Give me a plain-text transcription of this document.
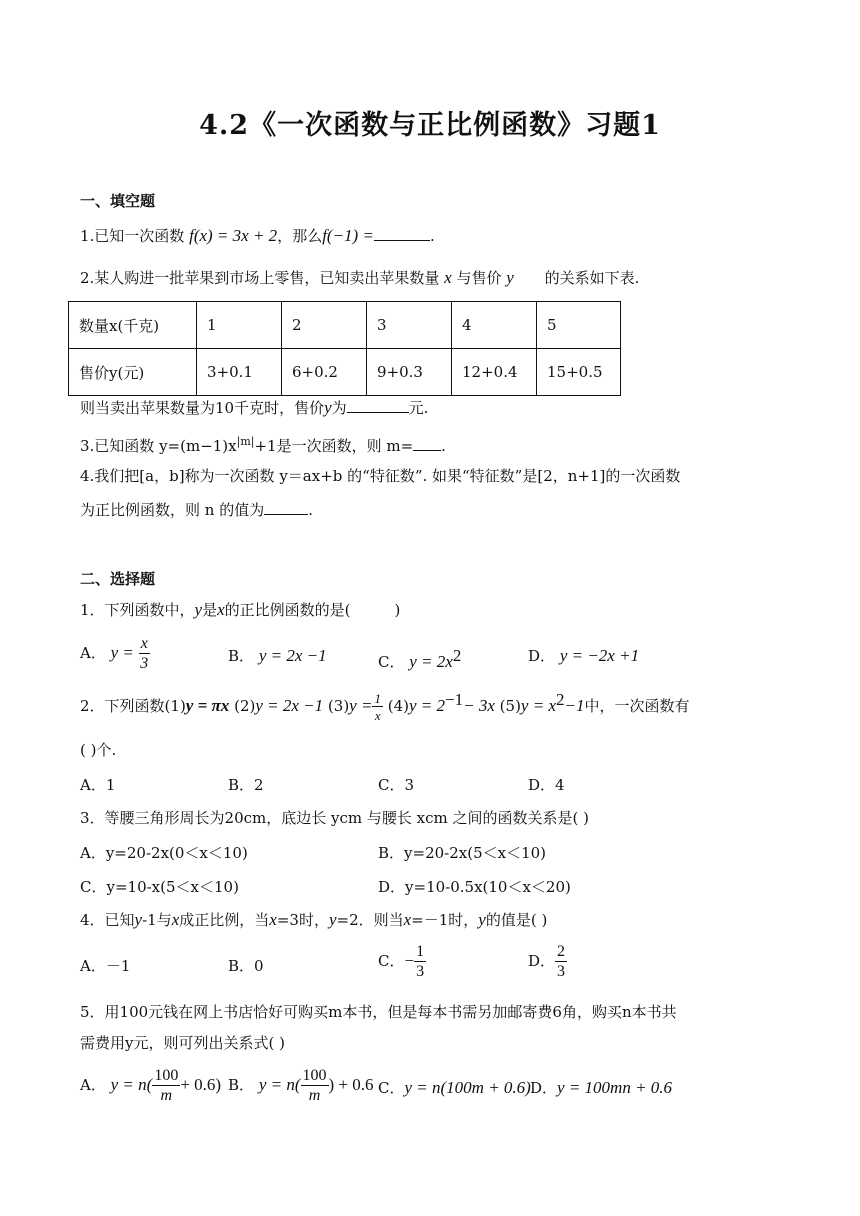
4.2《一次函数与正比例函数》习题1
一、填空题
1.已知一次函数 f(x) = 3x + 2，那么f(−1) =	.
2.某人购进一批苹果到市场上零售，已知卖出苹果数量 x 与售价 y 的关系如下表.
数量x(千克)	1	2	3	4	5
售价y(元)	3+0.1	6+0.2	9+0.3	12+0.4	15+0.5
则当卖出苹果数量为10千克时，售价y为	元.
3.已知函数 $y=(m-1)x^{|m|}+1$是一次函数，则 m= .
4.我们把[a，b]称为一次函数 y＝ax+b 的“特征数”. 如果“特征数”是[2，n+1]的一次函数
为正比例函数，则 n 的值为	.
二、选择题
1．下列函数中，y是x的正比例函数的是(	)
A． $y = \frac{x}{3}$	B． y = 2x −1	C． $y = 2x^2$	D． y = −2x +1
2．下列函数(1)y = πx (2)y = 2x −1 $(3)y = \frac{1}{x} (4)y = 2^{-1}- 3x$ $(5)y = x^2-1$中，一次函数有
( )个.
A．1	B．2	C．3	D．4
3．等腰三角形周长为20cm，底边长 ycm 与腰长 xcm 之间的函数关系是( )
A．y=20-2x(0＜x＜10)	B．y=20-2x(5＜x＜10)
C．y=10-x(5＜x＜10)	D．y=10-0.5x(10＜x＜20)
4．已知y-1与x成正比例，当x=3时，y=2．则当x=－1时，y的值是( )
A．－1	B．0	C．− $\frac{1}{3}$	D． $\frac{2}{3}$
5．用100元钱在网上书店恰好可购买m本书，但是每本书需另加邮寄费6角，购买n本书共
需费用y元，则可列出关系式( )
A． $y = n( \frac{100}{m} + 0.6)$ B． $y = n( \frac{100}{m}$ ) + 0.6 C．y = n(100m + 0.6) D．y = 100mn + 0.6
